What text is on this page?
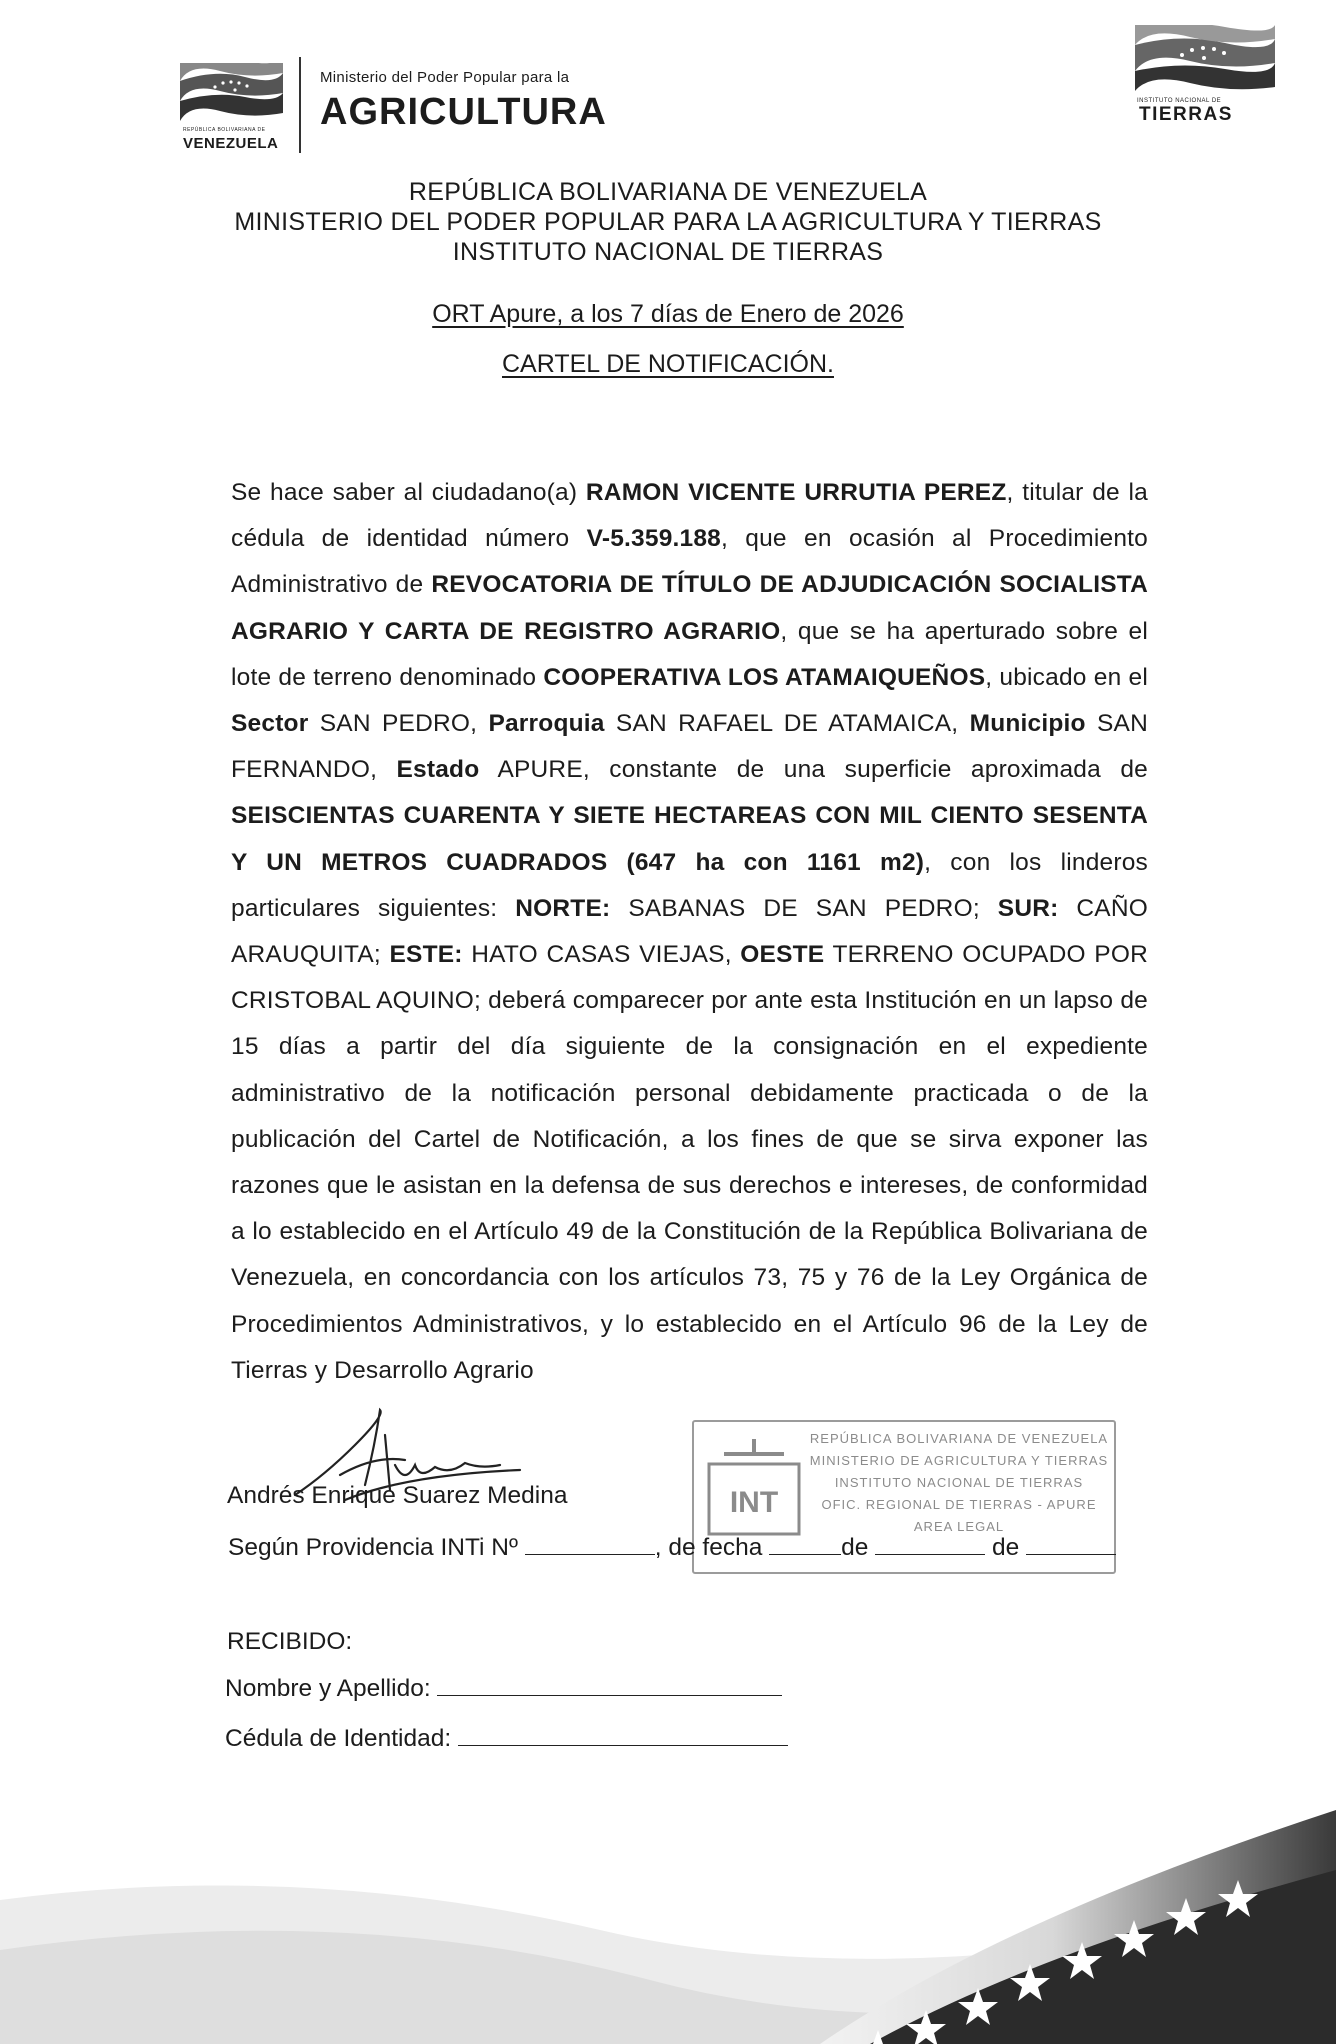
REPÚBLICA BOLIVARIANA DE
VENEZUELA
Ministerio del Poder Popular para la
AGRICULTURA	INSTITUTO NACIONAL DE
TIERRAS
REPÚBLICA BOLIVARIANA DE VENEZUELA
MINISTERIO DEL PODER POPULAR PARA LA AGRICULTURA Y TIERRAS
INSTITUTO NACIONAL DE TIERRAS
ORT Apure, a los 7 días de Enero de 2026
CARTEL DE NOTIFICACIÓN.
Se hace saber al ciudadano(a) RAMON VICENTE URRUTIA PEREZ, titular de la cédula de identidad número V-5.359.188, que en ocasión al Procedimiento Administrativo de REVOCATORIA DE TÍTULO DE ADJUDICACIÓN SOCIALISTA AGRARIO Y CARTA DE REGISTRO AGRARIO, que se ha aperturado sobre el lote de terreno denominado COOPERATIVA LOS ATAMAIQUEÑOS, ubicado en el Sector SAN PEDRO, Parroquia SAN RAFAEL DE ATAMAICA, Municipio SAN FERNANDO, Estado APURE, constante de una superficie aproximada de SEISCIENTAS CUARENTA Y SIETE HECTAREAS CON MIL CIENTO SESENTA Y UN METROS CUADRADOS (647 ha con 1161 m2), con los linderos particulares siguientes: NORTE: SABANAS DE SAN PEDRO; SUR: CAÑO ARAUQUITA; ESTE: HATO CASAS VIEJAS, OESTE TERRENO OCUPADO POR CRISTOBAL AQUINO; deberá comparecer por ante esta Institución en un lapso de 15 días a partir del día siguiente de la consignación en el expediente administrativo de la notificación personal debidamente practicada o de la publicación del Cartel de Notificación, a los fines de que se sirva exponer las razones que le asistan en la defensa de sus derechos e intereses, de conformidad a lo establecido en el Artículo 49 de la Constitución de la República Bolivariana de Venezuela, en concordancia con los artículos 73, 75 y 76 de la Ley Orgánica de Procedimientos Administrativos, y lo establecido en el Artículo 96 de la Ley de Tierras y Desarrollo Agrario
Andrés Enrique Suarez Medina	INT
REPÚBLICA BOLIVARIANA DE VENEZUELA
MINISTERIO DE AGRICULTURA Y TIERRAS
INSTITUTO NACIONAL DE TIERRAS
OFIC. REGIONAL DE TIERRAS - APURE
AREA LEGAL
Según Providencia INTi Nº	, de fecha	de	de
RECIBIDO:
Nombre y Apellido:
Cédula de Identidad:
